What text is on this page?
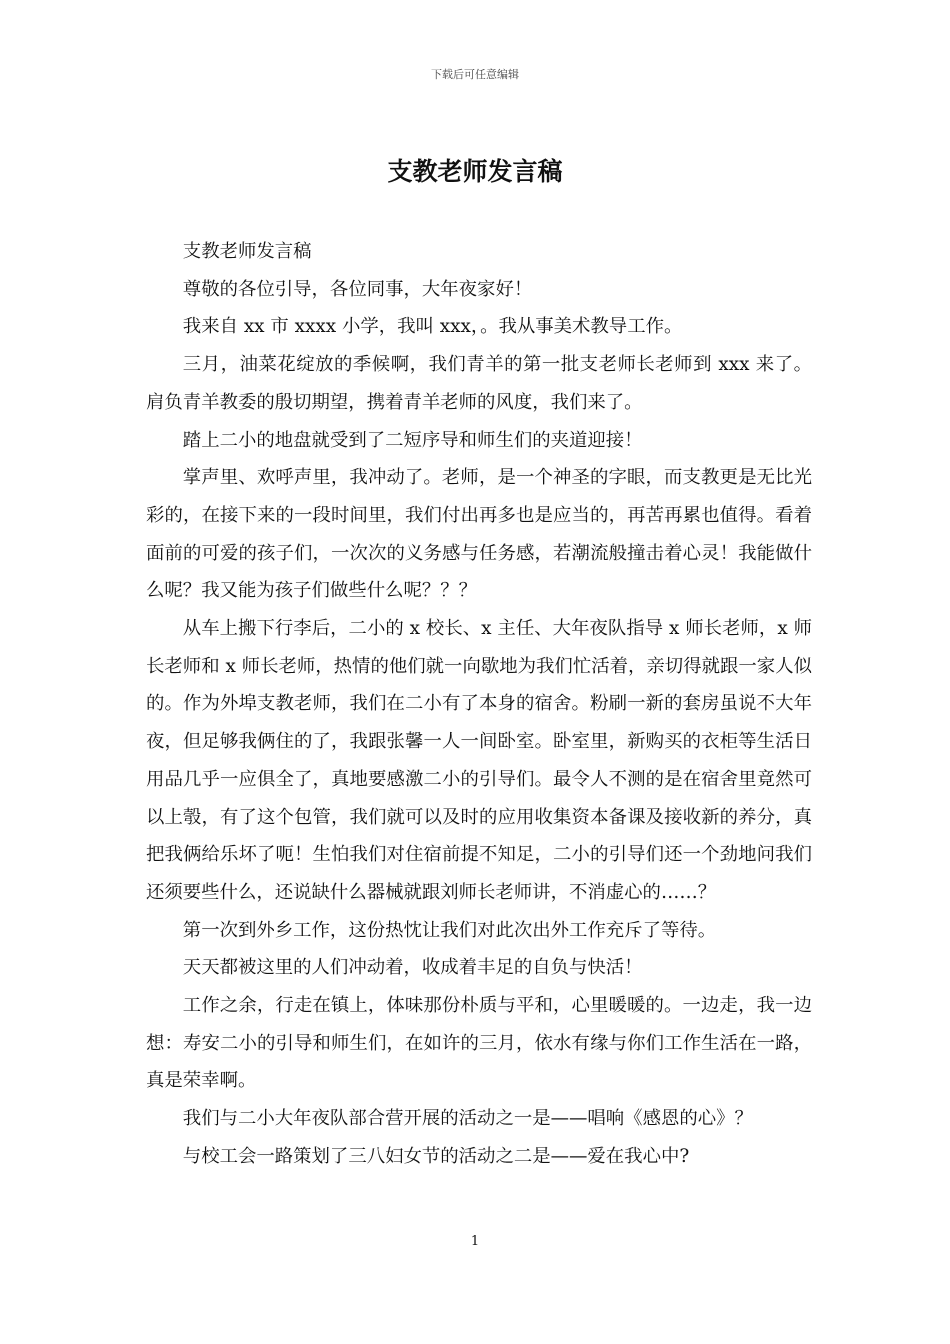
下载后可任意编辑
支教老师发言稿

支教老师发言稿

尊敬的各位引导，各位同事，大年夜家好！

我来自 xx 市 xxxx 小学，我叫 xxx，。我从事美术教导工作。

三月，油菜花绽放的季候啊，我们青羊的第一批支老师长老师到 xxx 来了。肩负青羊教委的殷切期望，携着青羊老师的风度，我们来了。

踏上二小的地盘就受到了二短序导和师生们的夹道迎接！

掌声里、欢呼声里，我冲动了。老师，是一个神圣的字眼，而支教更是无比光彩的，在接下来的一段时间里，我们付出再多也是应当的，再苦再累也值得。看着面前的可爱的孩子们，一次次的义务感与任务感，若潮流般撞击着心灵！我能做什么呢？我又能为孩子们做些什么呢？？？

从车上搬下行李后，二小的 x 校长、x 主任、大年夜队指导 x 师长老师，x 师长老师和 x 师长老师，热情的他们就一向歇地为我们忙活着，亲切得就跟一家人似的。作为外埠支教老师，我们在二小有了本身的宿舍。粉刷一新的套房虽说不大年夜，但足够我俩住的了，我跟张馨一人一间卧室。卧室里，新购买的衣柜等生活日用品几乎一应俱全了，真地要感激二小的引导们。最令人不测的是在宿舍里竟然可以上彀，有了这个包管，我们就可以及时的应用收集资本备课及接收新的养分，真把我俩给乐坏了呃！生怕我们对住宿前提不知足，二小的引导们还一个劲地问我们还须要些什么，还说缺什么器械就跟刘师长老师讲，不消虚心的……？

第一次到外乡工作，这份热忱让我们对此次出外工作充斥了等待。

天天都被这里的人们冲动着，收成着丰足的自负与快活！

工作之余，行走在镇上，体味那份朴质与平和，心里暖暖的。一边走，我一边想：寿安二小的引导和师生们，在如许的三月，依水有缘与你们工作生活在一路，真是荣幸啊。

我们与二小大年夜队部合营开展的活动之一是——唱响《感恩的心》？

与校工会一路策划了三八妇女节的活动之二是——爱在我心中?

1
